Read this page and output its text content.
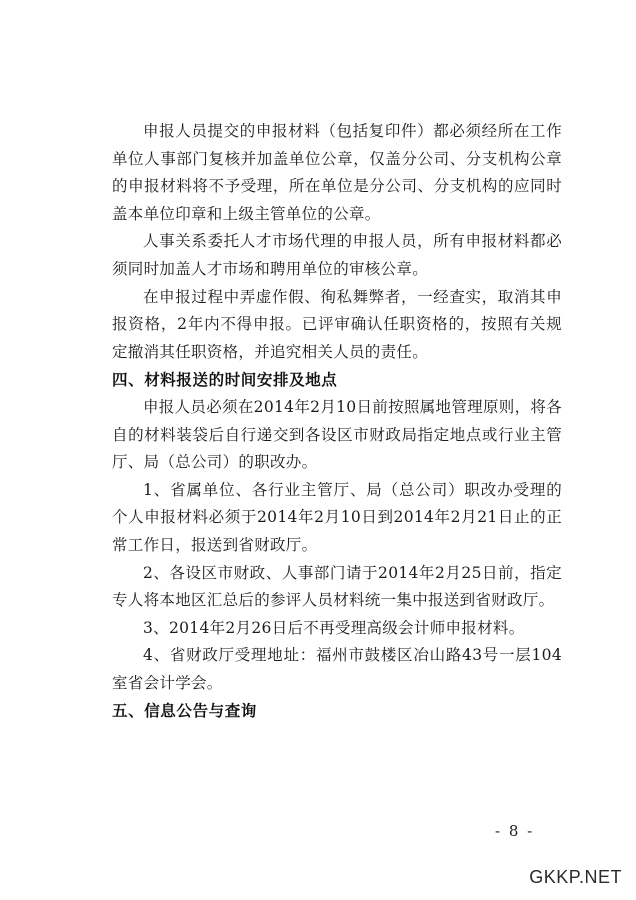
申报人员提交的申报材料（包括复印件）都必须经所在工作单位人事部门复核并加盖单位公章，仅盖分公司、分支机构公章的申报材料将不予受理，所在单位是分公司、分支机构的应同时盖本单位印章和上级主管单位的公章。

人事关系委托人才市场代理的申报人员，所有申报材料都必须同时加盖人才市场和聘用单位的审核公章。

在申报过程中弄虚作假、徇私舞弊者，一经查实，取消其申报资格，2年内不得申报。已评审确认任职资格的，按照有关规定撤消其任职资格，并追究相关人员的责任。

四、材料报送的时间安排及地点

申报人员必须在2014年2月10日前按照属地管理原则，将各自的材料装袋后自行递交到各设区市财政局指定地点或行业主管厅、局（总公司）的职改办。

1、省属单位、各行业主管厅、局（总公司）职改办受理的个人申报材料必须于2014年2月10日到2014年2月21日止的正常工作日，报送到省财政厅。

2、各设区市财政、人事部门请于2014年2月25日前，指定专人将本地区汇总后的参评人员材料统一集中报送到省财政厅。

3、2014年2月26日后不再受理高级会计师申报材料。

4、省财政厅受理地址：福州市鼓楼区冶山路43号一层104室省会计学会。

五、信息公告与查询

- 8 -
GKKP.NET
